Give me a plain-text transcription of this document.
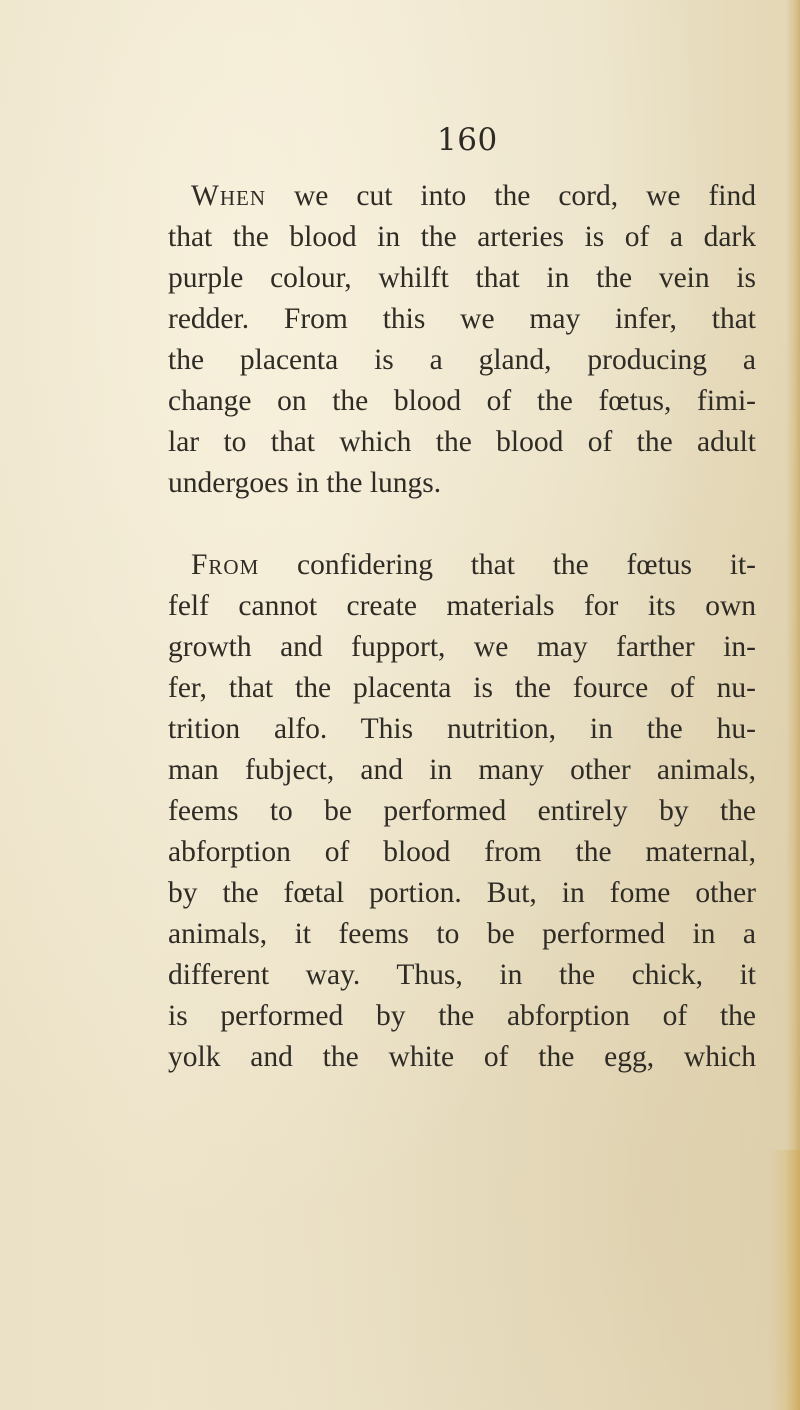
160
When we cut into the cord, we find
that the blood in the arteries is of a dark
purple colour, whilft that in the vein is
redder. From this we may infer, that
the placenta is a gland, producing a
change on the blood of the fœtus, fimi-
lar to that which the blood of the adult
undergoes in the lungs.
From confidering that the fœtus it-
felf cannot create materials for its own
growth and fupport, we may farther in-
fer, that the placenta is the fource of nu-
trition alfo. This nutrition, in the hu-
man fubject, and in many other animals,
feems to be performed entirely by the
abforption of blood from the maternal,
by the fœtal portion. But, in fome other
animals, it feems to be performed in a
different way. Thus, in the chick, it
is performed by the abforption of the
yolk and the white of the egg, which
